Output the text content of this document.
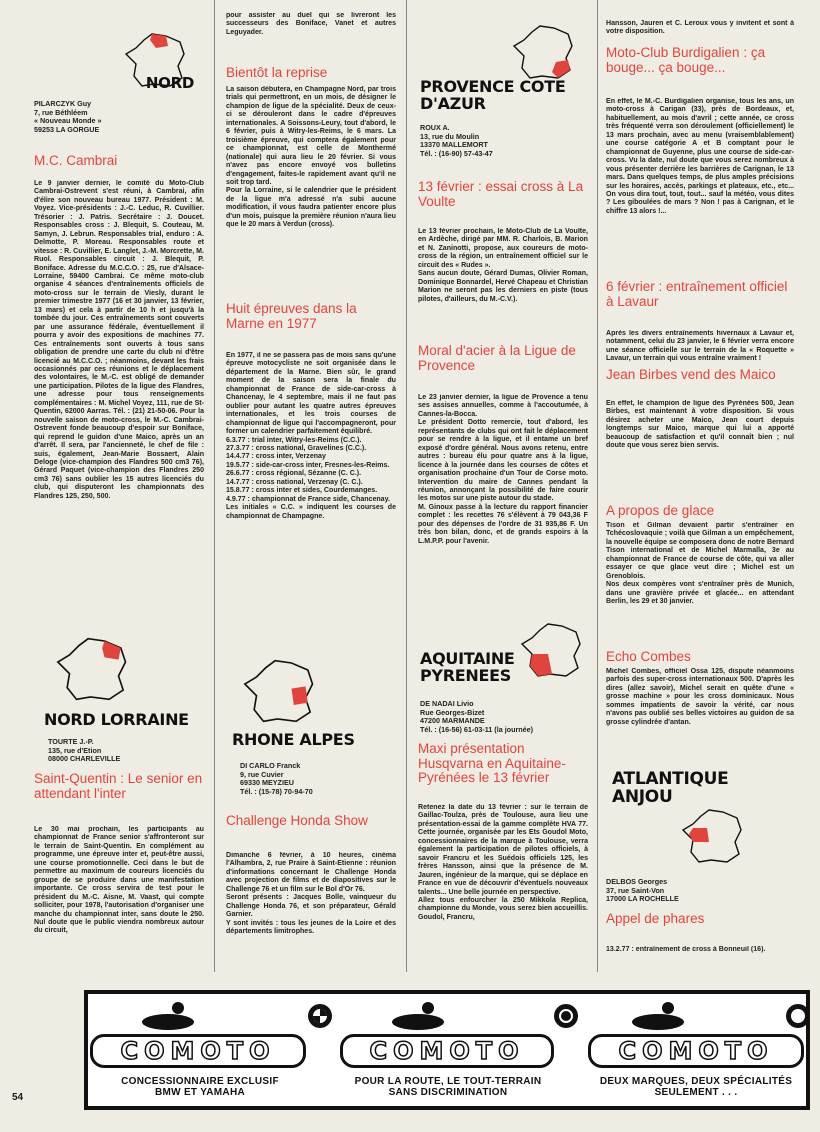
NORD
PILARCZYK Guy
7, rue Béthléem
« Nouveau Monde »
59253 LA GORGUE
M.C. Cambrai
Le 9 janvier dernier, le comité du Moto-Club Cambrai-Ostrevent s'est réuni, à Cambrai, afin d'élire son nouveau bureau 1977. Président : M. Voyez. Vice-présidents : J.-C. Leduc, R. Cuvillier. Trésorier : J. Patris. Secrétaire : J. Doucet. Responsables cross : J. Blequit, S. Couteau, M. Samyn, J. Lebrun. Responsables trial, enduro : A. Delmotte, P. Moreau. Responsables route et vitesse : R. Cuvillier, E. Langlet, J.-M. Morcrette, M. Ruol. Responsables circuit : J. Blequit, P. Boniface. Adresse du M.C.C.O. : 25, rue d'Alsace-Lorraine, 59400 Cambrai. Ce même moto-club organise 4 séances d'entraînements officiels de moto-cross sur le terrain de Viesly, durant le premier trimestre 1977 (16 et 30 janvier, 13 février, 13 mars) et cela à partir de 10 h et jusqu'à la tombée du jour. Ces entraînements sont couverts par une assurance fédérale, éventuellement il pourra y avoir des expositions de machines 77. Ces entraînements sont ouverts à tous sans obligation de prendre une carte du club ni d'être licencié au M.C.C.O. ; néanmoins, devant les frais occasionnés par ces réunions et le déplacement des volontaires, le M.-C. est obligé de demander une participation. Pilotes de la ligue des Flandres, une adresse pour tous renseignements complémentaires : M. Michel Voyez, 111, rue de St-Quentin, 62000 Aarras. Tél. : (21) 21-50-06. Pour la nouvelle saison de moto-cross, le M.-C. Cambrai-Ostrevent fonde beaucoup d'espoir sur Boniface, qui reprend le guidon d'une Maico, après un an d'arrêt. Il sera, par l'ancienneté, le chef de file : suis, également, Jean-Marie Bossaert, Alain Deloge (vice-champion des Flandres 500 cm3 76), Gérard Paquet (vice-champion des Flandres 250 cm3 76) sans oublier les 15 autres licenciés du club, qui disputeront les championnats des Flandres 125, 250, 500.
NORD LORRAINE
TOURTE J.-P.
135, rue d'Etion
08000 CHARLEVILLE
Saint-Quentin : Le senior en attendant l'inter
Le 30 mai prochain, les participants au championnat de France senior s'affronteront sur le terrain de Saint-Quentin. En complément au programme, une épreuve inter et, peut-être aussi, une course promotionnelle. Ceci dans le but de permettre au maximum de coureurs licenciés du groupe de se produire dans une manifestation importante. Ce cross servira de test pour le président du M.-C. Aisne, M. Vaast, qui compte solliciter, pour 1978, l'autorisation d'organiser une manche du championnat inter, sans doute le 250. Nul doute que le public viendra nombreux autour du circuit,
pour assister au duel qui se livreront les successeurs des Boniface, Vanet et autres Leguyader.
Bientôt la reprise
La saison débutera, en Champagne Nord, par trois trials qui permettront, en un mois, de désigner le champion de ligue de la spécialité. Deux de ceux-ci se dérouleront dans le cadre d'épreuves internationales. A Soissons-Leury, tout d'abord, le 6 février, puis à Witry-les-Reims, le 6 mars. La troisième épreuve, qui comptera également pour ce championnat, est celle de Monthermé (nationale) qui aura lieu le 20 février. Si vous n'avez pas encore envoyé vos bulletins d'engagement, faites-le rapidement avant qu'il ne soit trop tard.
Pour la Lorraine, si le calendrier que le président de la ligue m'a adressé n'a subi aucune modification, il vous faudra patienter encore plus d'un mois, puisque la première réunion n'aura lieu que le 20 mars à Verdun (cross).
Huit épreuves dans la Marne en 1977
En 1977, il ne se passera pas de mois sans qu'une épreuve motocycliste ne soit organisée dans le département de la Marne. Bien sûr, le grand moment de la saison sera la finale du championnat de France de side-car-cross à Chancenay, le 4 septembre, mais il ne faut pas oublier pour autant les quatre autres épreuves internationales, et les trois courses de championnat de ligue qui l'accompagneront, pour former un calendrier parfaitement équilibré.
6.3.77 : trial inter, Witry-les-Reims (C.C.).
27.3.77 : cross national, Gravelines (C.C.).
14.4.77 : cross inter, Verzenay
19.5.77 : side-car-cross inter, Fresnes-les-Reims.
26.6.77 : cross régional, Sézanne (C. C.).
14.7.77 : cross national, Verzenay (C. C.).
15.8.77 : cross inter et sides, Courdemanges.
4.9.77 : championnat de France side, Chancenay.
Les initiales « C.C. » indiquent les courses de championnat de Champagne.
RHONE ALPES
DI CARLO Franck
9, rue Cuvier
69330 MEYZIEU
Tél. : (15-78) 70-94-70
Challenge Honda Show
Dimanche 6 février, à 10 heures, cinéma l'Alhambra, 2, rue Praire à Saint-Etienne : réunion d'informations concernant le Challenge Honda avec projection de films et de diapositives sur le Challenge 76 et un film sur le Bol d'Or 76.
Seront présents : Jacques Bolle, vainqueur du Challenge Honda 76, et son préparateur, Gérald Garnier.
Y sont invités : tous les jeunes de la Loire et des départements limitrophes.
PROVENCE COTE D'AZUR
ROUX A.
13, rue du Moulin
13370 MALLEMORT
Tél. : (16-90) 57-43-47
13 février : essai cross à La Voulte
Le 13 février prochain, le Moto-Club de La Voulte, en Ardèche, dirigé par MM. R. Charlois, B. Marion et N. Zaninotti, propose, aux coureurs de moto-cross de la région, un entraînement officiel sur le circuit des « Rudes ».
Sans aucun doute, Gérard Dumas, Olivier Roman, Dominique Bonnardel, Hervé Chapeau et Christian Marion ne seront pas les derniers en piste (tous pilotes, d'ailleurs, du M.-C.V.).
Moral d'acier à la Ligue de Provence
Le 23 janvier dernier, la ligue de Provence a tenu ses assises annuelles, comme à l'accoutumée, à Cannes-la-Bocca.
Le président Dotto remercie, tout d'abord, les représentants de clubs qui ont fait le déplacement pour se rendre à la ligue, et il entame un bref exposé d'ordre général. Nous avons retenu, entre autres : bureau élu pour quatre ans à la ligue, licence à la journée dans les courses de côtes et organisation prochaine d'un Tour de Corse moto. Intervention du maire de Cannes pendant la réunion, annonçant la possibilité de faire courir les motos sur une piste autour du stade.
M. Ginoux passe à la lecture du rapport financier complet : les recettes 76 s'élèvent à 79 043,36 F pour des dépenses de l'ordre de 31 935,86 F. Un très bon bilan, donc, et de grands espoirs à la L.M.P.P. pour l'avenir.
AQUITAINE PYRENEES
DE NADAI Livio
Rue Georges-Bizet
47200 MARMANDE
Tél. : (16-56) 61-03-11 (la journée)
Maxi présentation Husqvarna en Aquitaine-Pyrénées le 13 février
Retenez la date du 13 février : sur le terrain de Gaillac-Toulza, près de Toulouse, aura lieu une présentation-essai de la gamme complète HVA 77. Cette journée, organisée par les Ets Goudol Moto, concessionnaires de la marque à Toulouse, verra également la participation de pilotes officiels, à savoir Francru et les Suédois officiels 125, les frères Hansson, ainsi que la présence de M. Jauren, ingénieur de la marque, qui se déplace en France en vue de découvrir d'éventuels nouveaux talents... Une belle journée en perspective.
Allez tous enfourcher la 250 Mikkola Replica, championne du Monde, vous serez bien accueillis. Goudol, Francru,
Hansson, Jauren et C. Leroux vous y invitent et sont à votre disposition.
Moto-Club Burdigalien : ça bouge... ça bouge...
En effet, le M.-C. Burdigalien organise, tous les ans, un moto-cross à Carigan (33), près de Bordeaux, et, habituellement, au mois d'avril ; cette année, ce cross très fréquenté verra son déroulement (officiellement) le 13 mars prochain, avec au menu (vraisemblablement) une course catégorie A et B comptant pour le championnat de Guyenne, plus une course de side-car-cross. Vu la date, nul doute que vous serez nombreux à vous présenter derrière les barrières de Carignan, le 13 mars. Dans quelques temps, de plus amples précisions sur les horaires, accès, parkings et plateaux, etc., etc... On vous dira tout, tout, tout... sauf la météo, vous dites ? Les giboulées de mars ? Non ! pas à Carignan, et le chiffre 13 alors !...
6 février : entraînement officiel à Lavaur
Après les divers entraînements hivernaux à Lavaur et, notamment, celui du 23 janvier, le 6 février verra encore une séance officielle sur le terrain de la « Roquette » Lavaur, un terrain qui vous entraîne vraiment !
Jean Birbes vend des Maico
En effet, le champion de ligue des Pyrénées 500, Jean Birbes, est maintenant à votre disposition. Si vous désirez acheter une Maico, Jean court depuis longtemps sur Maico, marque qui lui a apporté beaucoup de satisfaction et qu'il connaît bien ; nul doute que vous serez bien servis.
A propos de glace
Tison et Gilman devaient partir s'entraîner en Tchécoslovaquie ; voilà que Gilman a un empêchement, la nouvelle équipe se composera donc de notre Bernard Tison international et de Michel Marmalla, 3e au championnat de France de course de côte, qui va aller essayer ce que glace veut dire ; Michel est un Grenoblois.
Nos deux compères vont s'entraîner près de Munich, dans une gravière privée et glacée... en attendant Berlin, les 29 et 30 janvier.
Echo Combes
Michel Combes, officiel Ossa 125, dispute néanmoins parfois des super-cross internationaux 500. D'après les dires (allez savoir), Michel serait en quête d'une « grosse machine » pour les cross dominicaux. Nous sommes impatients de savoir la vérité, car nous n'avons pas oublié ses belles victoires au guidon de sa grosse cylindrée d'antan.
ATLANTIQUE ANJOU
DELBOS Georges
37, rue Saint-Von
17000 LA ROCHELLE
Appel de phares
13.2.77 : entraînement de cross à Bonneuil (16).
COMOTO	COMOTO	COMOTO
CONCESSIONNAIRE EXCLUSIF
BMW ET YAMAHA
POUR LA ROUTE, LE TOUT-TERRAIN
SANS DISCRIMINATION
DEUX MARQUES, DEUX SPÉCIALITÉS
SEULEMENT . . .
54
